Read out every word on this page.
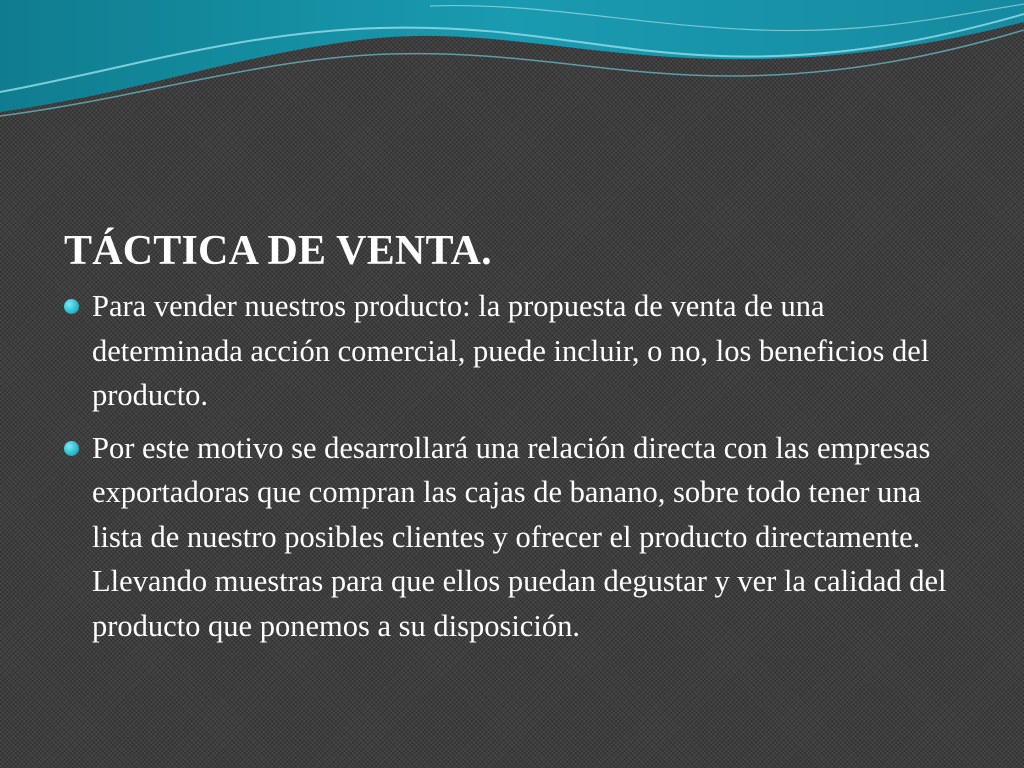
TÁCTICA DE VENTA.
Para vender nuestros producto: la propuesta de venta de una determinada acción comercial, puede incluir, o no, los beneficios del producto.
Por este motivo se desarrollará una relación directa con las empresas exportadoras que compran las cajas de banano, sobre todo tener una lista de nuestro posibles clientes y ofrecer el producto directamente. Llevando muestras para que ellos puedan degustar y ver la calidad del producto que ponemos a su disposición.
